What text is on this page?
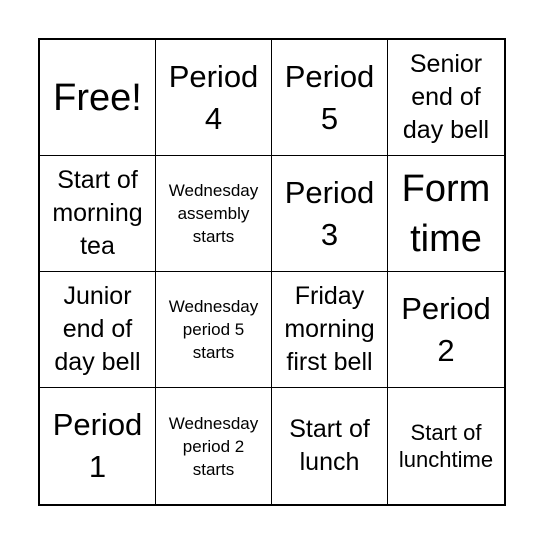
Free!
Period
4
Period
5
Senior
end of
day bell
Start of
morning
tea
Wednesday
assembly
starts
Period
3
Form
time
Junior
end of
day bell
Wednesday
period 5
starts
Friday
morning
first bell
Period
2
Period
1
Wednesday
period 2
starts
Start of
lunch
Start of
lunchtime
